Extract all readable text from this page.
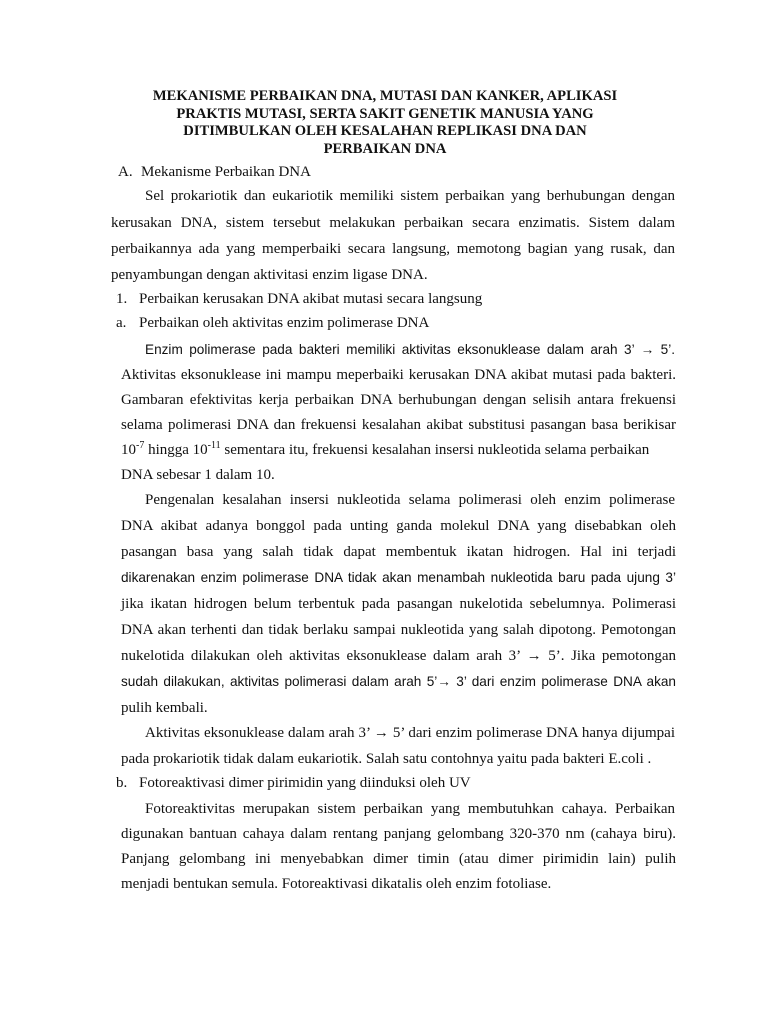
MEKANISME PERBAIKAN DNA, MUTASI DAN KANKER, APLIKASI
PRAKTIS MUTASI, SERTA SAKIT GENETIK MANUSIA YANG
DITIMBULKAN OLEH KESALAHAN REPLIKASI DNA DAN
PERBAIKAN DNA
A. Mekanisme Perbaikan DNA
Sel prokariotik dan eukariotik memiliki sistem perbaikan yang berhubungan dengan
kerusakan DNA, sistem tersebut melakukan perbaikan secara enzimatis. Sistem dalam
perbaikannya ada yang memperbaiki secara langsung, memotong bagian yang rusak, dan
penyambungan dengan aktivitasi enzim ligase DNA.
1. Perbaikan kerusakan DNA akibat mutasi secara langsung
a. Perbaikan oleh aktivitas enzim polimerase DNA
Enzim polimerase pada bakteri memiliki aktivitas eksonuklease dalam arah 3’ → 5’.
Aktivitas eksonuklease ini mampu meperbaiki kerusakan DNA akibat mutasi pada bakteri.
Gambaran efektivitas kerja perbaikan DNA berhubungan dengan selisih antara frekuensi
selama polimerasi DNA dan frekuensi kesalahan akibat substitusi pasangan basa berikisar
$10^{-7}$ hingga $10^{-11}$ sementara itu, frekuensi kesalahan insersi nukleotida selama perbaikan
DNA sebesar 1 dalam 10.
Pengenalan kesalahan insersi nukleotida selama polimerasi oleh enzim polimerase
DNA akibat adanya bonggol pada unting ganda molekul DNA yang disebabkan oleh
pasangan basa yang salah tidak dapat membentuk ikatan hidrogen. Hal ini terjadi
dikarenakan enzim polimerase DNA tidak akan menambah nukleotida baru pada ujung 3’
jika ikatan hidrogen belum terbentuk pada pasangan nukelotida sebelumnya. Polimerasi
DNA akan terhenti dan tidak berlaku sampai nukleotida yang salah dipotong. Pemotongan
nukelotida dilakukan oleh aktivitas eksonuklease dalam arah 3’ → 5’. Jika pemotongan
sudah dilakukan, aktivitas polimerasi dalam arah 5’→ 3’ dari enzim polimerase DNA akan
pulih kembali.
Aktivitas eksonuklease dalam arah 3’ → 5’ dari enzim polimerase DNA hanya dijumpai
pada prokariotik tidak dalam eukariotik. Salah satu contohnya yaitu pada bakteri E.coli .
b. Fotoreaktivasi dimer pirimidin yang diinduksi oleh UV
Fotoreaktivitas merupakan sistem perbaikan yang membutuhkan cahaya. Perbaikan
digunakan bantuan cahaya dalam rentang panjang gelombang 320-370 nm (cahaya biru).
Panjang gelombang ini menyebabkan dimer timin (atau dimer pirimidin lain) pulih
menjadi bentukan semula. Fotoreaktivasi dikatalis oleh enzim fotoliase.
